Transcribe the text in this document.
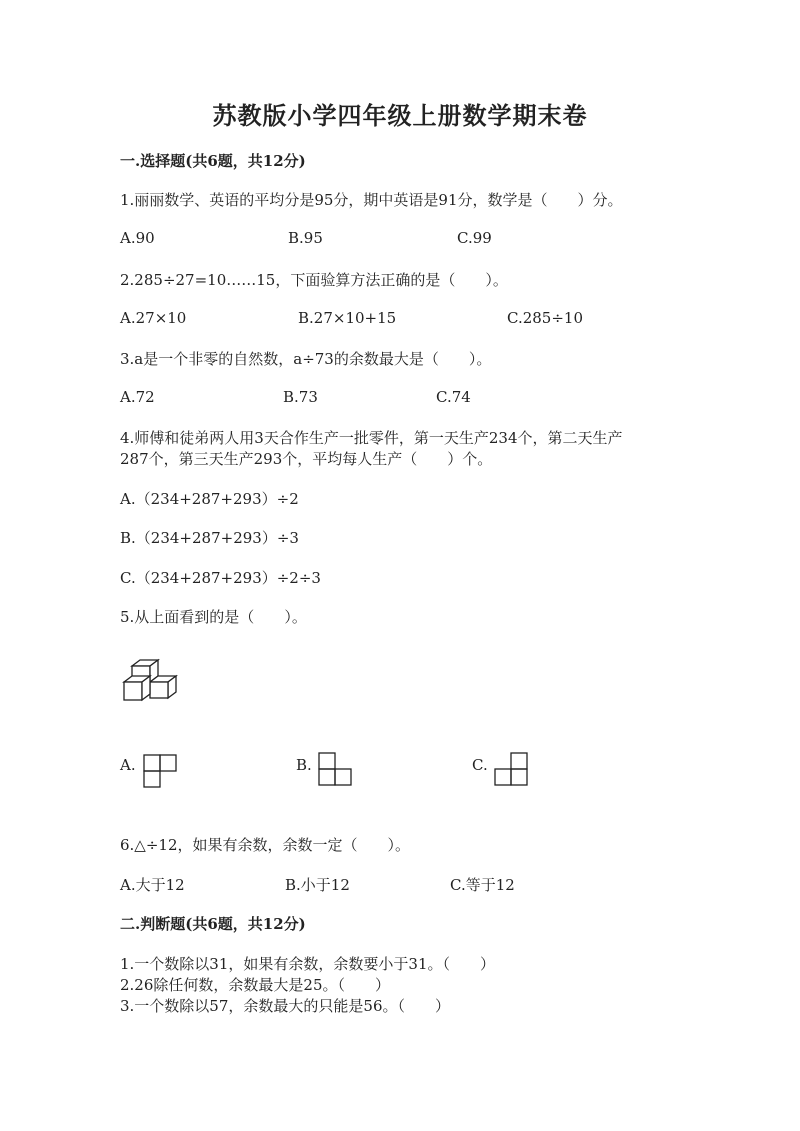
苏教版小学四年级上册数学期末卷
一.选择题(共6题，共12分)
1.丽丽数学、英语的平均分是95分，期中英语是91分，数学是（　　）分。
A.90	B.95	C.99
2.285÷27=10……15，下面验算方法正确的是（　　）。
A.27×10	B.27×10+15	C.285÷10
3.a是一个非零的自然数，a÷73的余数最大是（　　）。
A.72	B.73	C.74
4.师傅和徒弟两人用3天合作生产一批零件，第一天生产234个，第二天生产
287个，第三天生产293个，平均每人生产（　　）个。
A.（234+287+293）÷2
B.（234+287+293）÷3
C.（234+287+293）÷2÷3
5.从上面看到的是（　　）。
A.	B.	C.
6.△÷12，如果有余数，余数一定（　　）。
A.大于12	B.小于12	C.等于12
二.判断题(共6题，共12分)
1.一个数除以31，如果有余数，余数要小于31。（　　）
2.26除任何数，余数最大是25。（　　）
3.一个数除以57，余数最大的只能是56。（　　）
